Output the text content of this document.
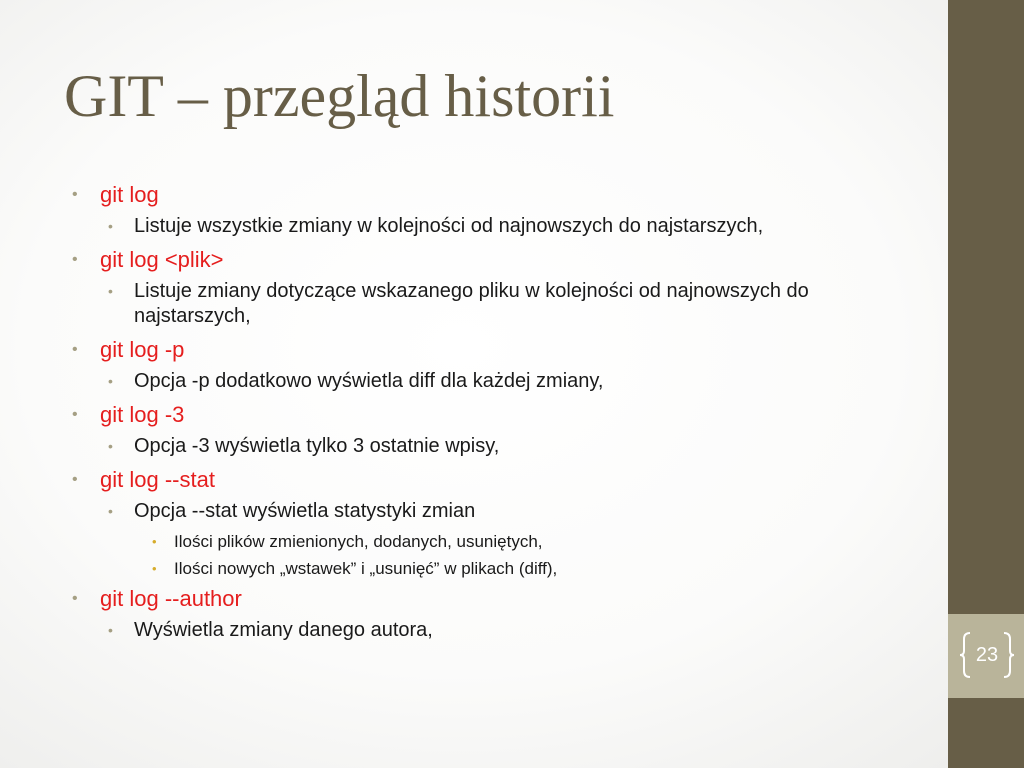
23
GIT – przegląd historii
• git log
• Listuje wszystkie zmiany w kolejności od najnowszych do najstarszych,
• git log <plik>
• Listuje zmiany dotyczące wskazanego pliku w kolejności od najnowszych do najstarszych,
• git log -p
• Opcja -p dodatkowo wyświetla diff dla każdej zmiany,
• git log -3
• Opcja -3 wyświetla tylko 3 ostatnie wpisy,
• git log --stat
• Opcja --stat wyświetla statystyki zmian
• Ilości plików zmienionych, dodanych, usuniętych,
• Ilości nowych „wstawek” i „usunięć” w plikach (diff),
• git log --author
• Wyświetla zmiany danego autora,
